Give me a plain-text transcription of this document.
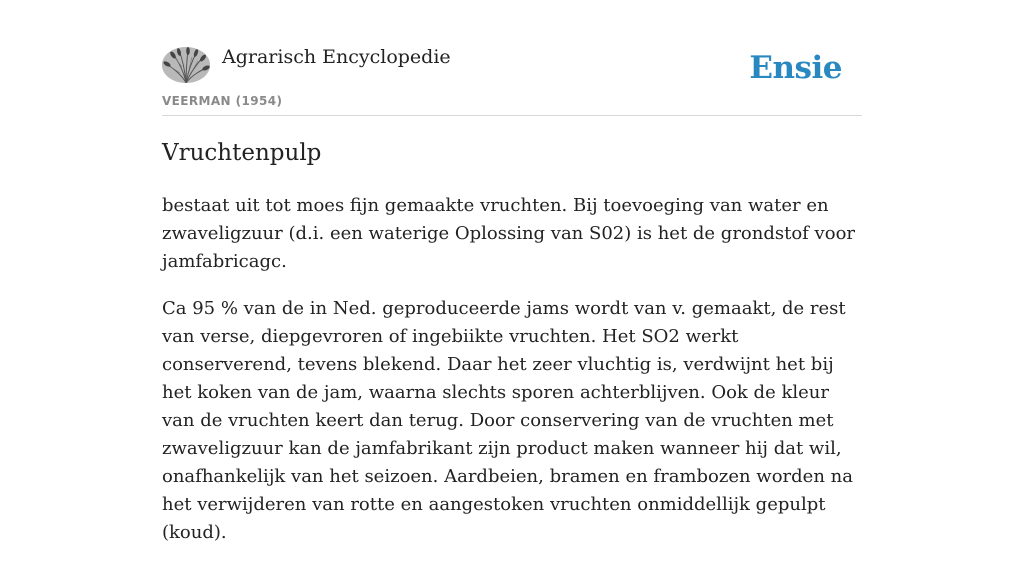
Agrarisch Encyclopedie
VEERMAN (1954)
Ensie
Vruchtenpulp

bestaat uit tot moes fijn gemaakte vruchten. Bij toevoeging van water en zwaveligzuur (d.i. een waterige Oplossing van S02) is het de grondstof voor jamfabricagc.

Ca 95 % van de in Ned. geproduceerde jams wordt van v. gemaakt, de rest van verse, diepgevroren of ingebiikte vruchten. Het SO2 werkt conserverend, tevens blekend. Daar het zeer vluchtig is, verdwijnt het bij het koken van de jam, waarna slechts sporen achterblijven. Ook de kleur van de vruchten keert dan terug. Door conservering van de vruchten met zwaveligzuur kan de jamfabrikant zijn product maken wanneer hij dat wil, onafhankelijk van het seizoen. Aardbeien, bramen en frambozen worden na het verwijderen van rotte en aangestoken vruchten onmiddellijk gepulpt (koud).
